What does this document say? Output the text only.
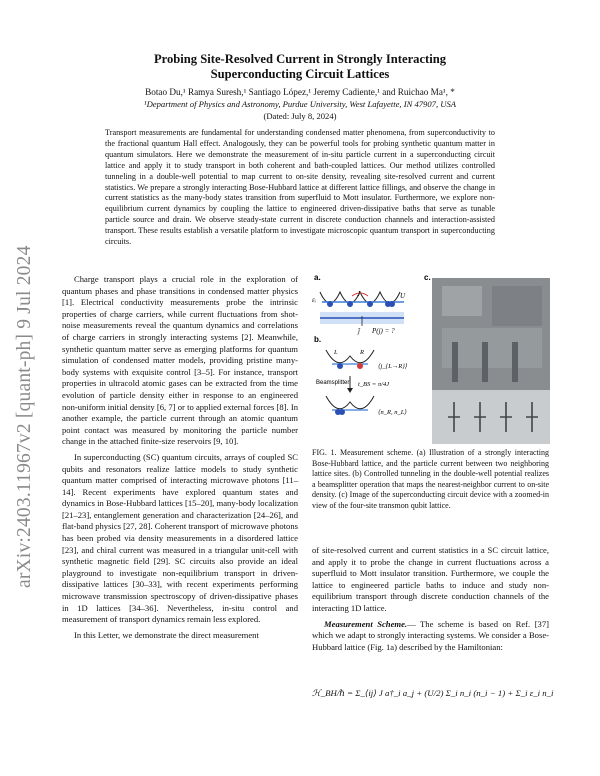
arXiv:2403.11967v2 [quant-ph] 9 Jul 2024
Probing Site-Resolved Current in Strongly Interacting
Superconducting Circuit Lattices
Botao Du,¹ Ramya Suresh,¹ Santiago López,¹ Jeremy Cadiente,¹ and Ruichao Ma¹, *
¹Department of Physics and Astronomy, Purdue University, West Lafayette, IN 47907, USA
(Dated: July 8, 2024)
Transport measurements are fundamental for understanding condensed matter phenomena, from superconductivity to the fractional quantum Hall effect. Analogously, they can be powerful tools for probing synthetic quantum matter in quantum simulators. Here we demonstrate the measurement of in-situ particle current in a superconducting circuit lattice and apply it to study transport in both coherent and bath-coupled lattices. Our method utilizes controlled tunneling in a double-well potential to map current to on-site density, revealing site-resolved current and current statistics. We prepare a strongly interacting Bose-Hubbard lattice at different lattice fillings, and observe the change in current statistics as the many-body states transition from superfluid to Mott insulator. Furthermore, we explore non-equilibrium current dynamics by coupling the lattice to engineered driven-dissipative baths that serve as tunable particle source and drain. We observe steady-state current in discrete conduction channels and interaction-assisted transport. These results establish a versatile platform to investigate microscopic quantum transport in superconducting circuits.

Charge transport plays a crucial role in the exploration of quantum phases and phase transitions in condensed matter physics [1]. Electrical conductivity measurements probe the intrinsic properties of charge carriers, while current fluctuations from shot-noise measurements reveal the quantum dynamics and correlations of charge carriers in strongly interacting systems [2]. Meanwhile, synthetic quantum matter serve as emerging platforms for quantum simulation of condensed matter models, providing pristine many-body systems with exquisite control [3–5]. For instance, transport properties in ultracold atomic gases can be extracted from the time evolution of particle density either in response to an engineered non-uniform initial density [6, 7] or to applied external forces [8]. In another example, the particle current through an atomic quantum point contact was measured by monitoring the particle number change in the attached finite-size reservoirs [9, 10].

In superconducting (SC) quantum circuits, arrays of coupled SC qubits and resonators realize lattice models to study synthetic quantum matter comprised of interacting microwave photons [11–14]. Recent experiments have explored quantum states and dynamics in Bose-Hubbard lattices [15–20], many-body localization [21–23], entanglement generation and characterization [24–26], and flat-band physics [27, 28]. Coherent transport of microwave photons has been probed via density measurements in a disordered lattice [23], and chiral current was measured in a triangular unit-cell with synthetic magnetic field [29]. SC circuits also provide an ideal playground to investigate non-equilibrium transport in driven-dissipative lattices [30–33], with recent experiments performing microwave transmission spectroscopy of driven-dissipative phases in 1D lattices [34–36]. Nevertheless, in-situ control and measurement of transport dynamics remain less explored.

In this Letter, we demonstrate the direct measurement

a.
εᵢ
J	U
ĵ P(j) = ?
b.
L	R
⟨j_{L→R}⟩
Beamsplitter t_BS = π/4J
⟨n_R, n_L⟩
c.
FIG. 1. Measurement scheme. (a) Illustration of a strongly interacting Bose-Hubbard lattice, and the particle current between two neighboring lattice sites. (b) Controlled tunneling in the double-well potential realizes a beamsplitter operation that maps the nearest-neighbor current to on-site density. (c) Image of the superconducting circuit device with a zoomed-in view of the four-site transmon qubit lattice.

of site-resolved current and current statistics in a SC circuit lattice, and apply it to probe the change in current fluctuations across a superfluid to Mott insulator transition. Furthermore, we couple the lattice to engineered particle baths to induce and study non-equilibrium transport through discrete conduction channels of the interacting 1D lattice.

Measurement Scheme.— The scheme is based on Ref. [37] which we adapt to strongly interacting systems. We consider a Bose-Hubbard lattice (Fig. 1a) described by the Hamiltonian:

ℋ_BH/ℏ = Σ_⟨ij⟩ J a†_i a_j + (U/2) Σ_i n_i (n_i − 1) + Σ_i ε_i n_i
